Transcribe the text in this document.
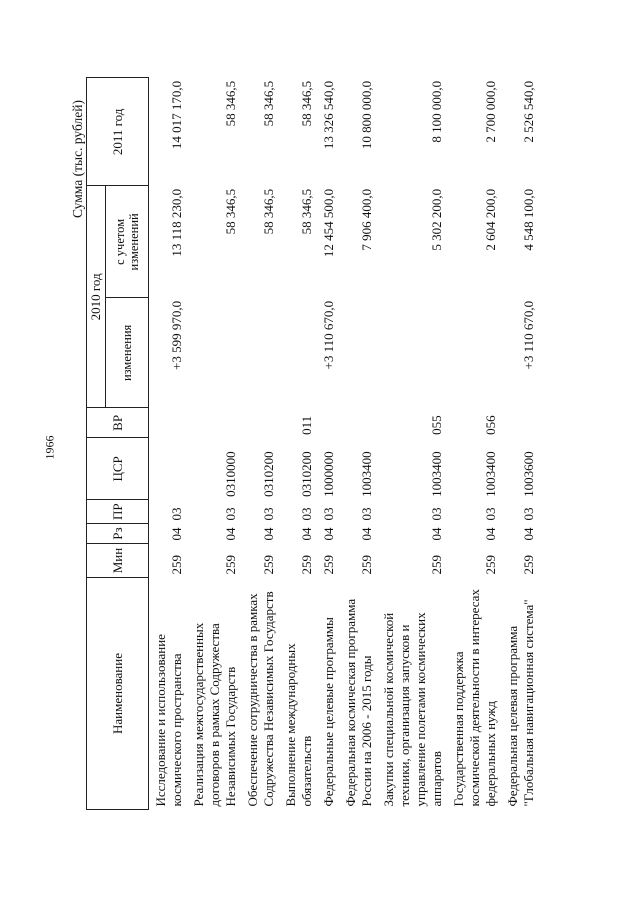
1966
Сумма (тыс. рублей)
Наименование	Мин	Рз	ПР	ЦСР	ВР	2010 год		2011 год
						изменения	с учетом изменений	
Исследование и использование космического пространства	259	04	03			+3 599 970,0	13 118 230,0	14 017 170,0
Реализация межгосударственных договоров в рамках Содружества Независимых Государств	259	04	03	0310000			58 346,5	58 346,5
Обеспечение сотрудничества в рамках Содружества Независимых Государств	259	04	03	0310200			58 346,5	58 346,5
Выполнение международных обязательств	259	04	03	0310200	011		58 346,5	58 346,5
Федеральные целевые программы	259	04	03	1000000		+3 110 670,0	12 454 500,0	13 326 540,0
Федеральная космическая программа России на 2006 - 2015 годы	259	04	03	1003400			7 906 400,0	10 800 000,0
Закупки специальной космической техники, организация запусков и управление полетами космических аппаратов	259	04	03	1003400	055		5 302 200,0	8 100 000,0
Государственная поддержка космической деятельности в интересах федеральных нужд	259	04	03	1003400	056		2 604 200,0	2 700 000,0
Федеральная целевая программа "Глобальная навигационная система"	259	04	03	1003600		+3 110 670,0	4 548 100,0	2 526 540,0
